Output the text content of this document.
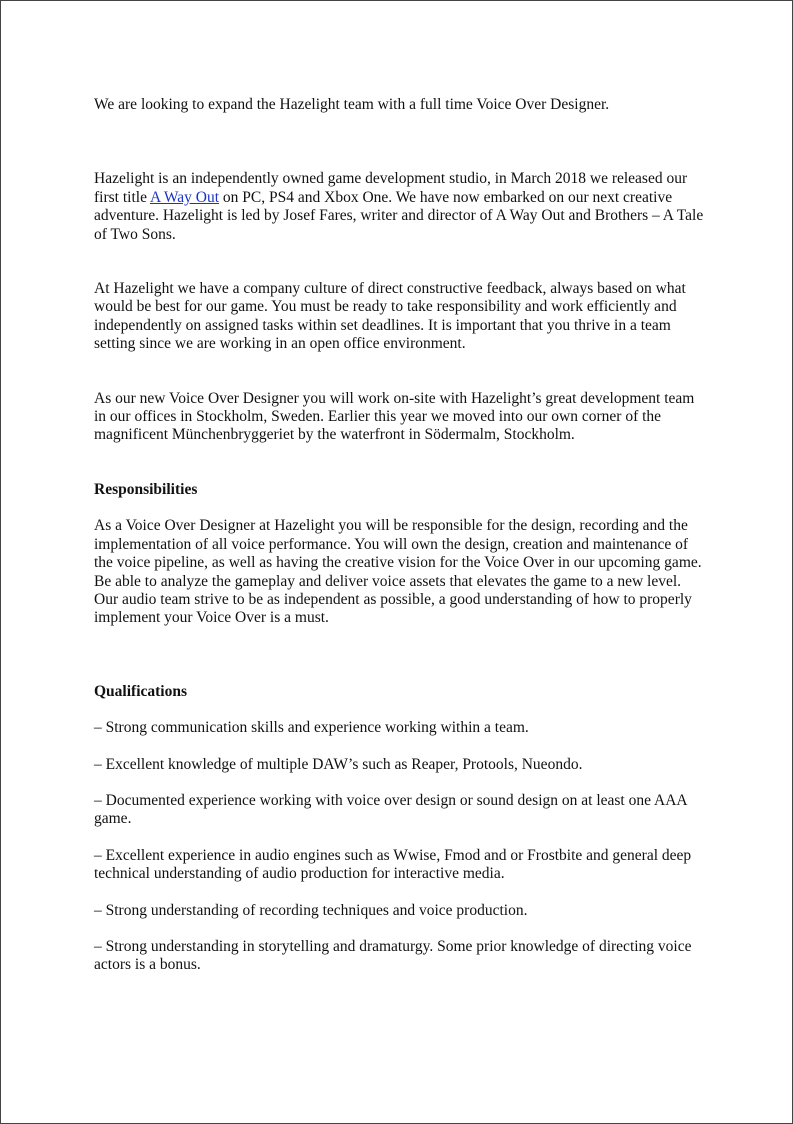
We are looking to expand the Hazelight team with a full time Voice Over Designer.

Hazelight is an independently owned game development studio, in March 2018 we released our first title A Way Out on PC, PS4 and Xbox One. We have now embarked on our next creative adventure. Hazelight is led by Josef Fares, writer and director of A Way Out and Brothers – A Tale of Two Sons.

At Hazelight we have a company culture of direct constructive feedback, always based on what would be best for our game. You must be ready to take responsibility and work efficiently and independently on assigned tasks within set deadlines. It is important that you thrive in a team setting since we are working in an open office environment.

As our new Voice Over Designer you will work on-site with Hazelight’s great development team in our offices in Stockholm, Sweden. Earlier this year we moved into our own corner of the magnificent Münchenbryggeriet by the waterfront in Södermalm, Stockholm.

Responsibilities

As a Voice Over Designer at Hazelight you will be responsible for the design, recording and the implementation of all voice performance. You will own the design, creation and maintenance of the voice pipeline, as well as having the creative vision for the Voice Over in our upcoming game. Be able to analyze the gameplay and deliver voice assets that elevates the game to a new level. Our audio team strive to be as independent as possible, a good understanding of how to properly implement your Voice Over is a must.

Qualifications

– Strong communication skills and experience working within a team.

– Excellent knowledge of multiple DAW’s such as Reaper, Protools, Nueondo.

– Documented experience working with voice over design or sound design on at least one AAA game.

– Excellent experience in audio engines such as Wwise, Fmod and or Frostbite and general deep technical understanding of audio production for interactive media.

– Strong understanding of recording techniques and voice production.

– Strong understanding in storytelling and dramaturgy. Some prior knowledge of directing voice actors is a bonus.
